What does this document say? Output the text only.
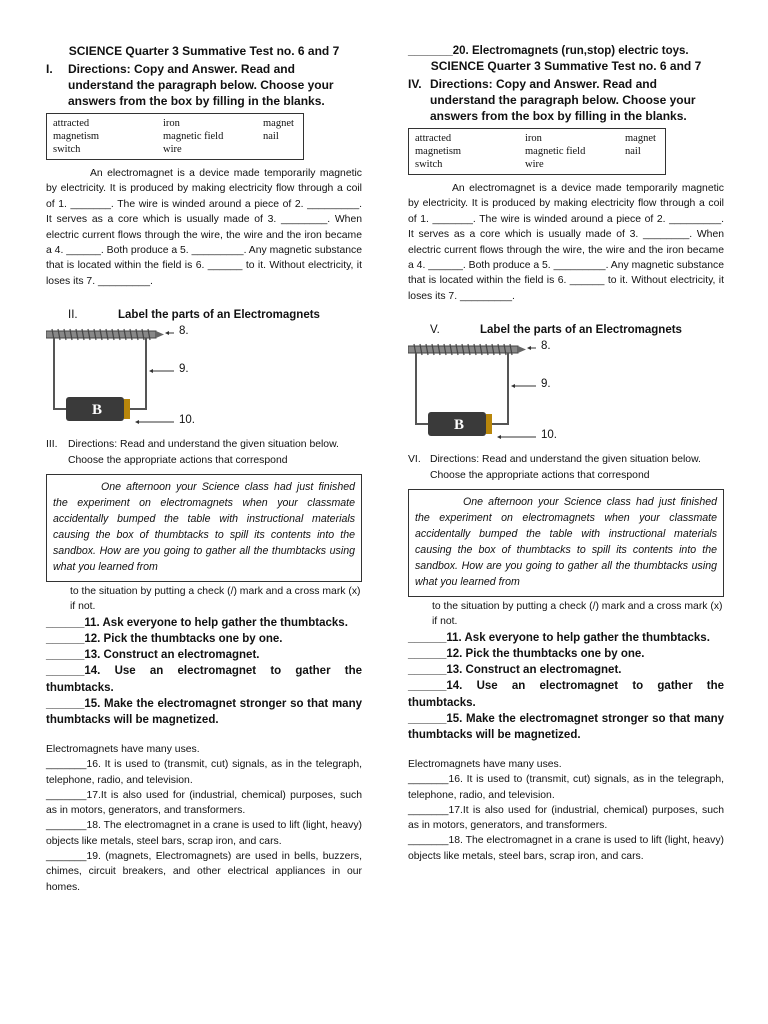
SCIENCE Quarter 3 Summative Test no. 6 and 7
I.	Directions: Copy and Answer. Read and understand the paragraph below. Choose your answers from the box by filling in the blanks.
attracted	iron	magnet
magnetism	magnetic field	nail
switch	wire

An electromagnet is a device made temporarily magnetic by electricity. It is produced by making electricity flow through a coil of 1. _______. The wire is winded around a piece of 2. _________. It serves as a core which is usually made of 3. ________. When electric current flows through the wire, the wire and the iron became a 4. ______. Both produce a 5. _________. Any magnetic substance that is located within the field is 6. ______ to it. Without electricity, it loses its 7. _________.

II.	Label the parts of an Electromagnets
B
8.
9.
10.
III.	Directions: Read and understand the given situation below. Choose the appropriate actions that correspond
One afternoon your Science class had just finished the experiment on electromagnets when your classmate accidentally bumped the table with instructional materials causing the box of thumbtacks to spill its contents into the sandbox. How are you going to gather all the thumbtacks using what you learned from
to the situation by putting a check (/) mark and a cross mark (x) if not.
______11. Ask everyone to help gather the thumbtacks.
______12. Pick the thumbtacks one by one.
______13. Construct an electromagnet.
______14. Use an electromagnet to gather the thumbtacks.
______15. Make the electromagnet stronger so that many thumbtacks will be magnetized.
Electromagnets have many uses.
_______16. It is used to (transmit, cut) signals, as in the telegraph, telephone, radio, and television.
_______17.It is also used for (industrial, chemical) purposes, such as in motors, generators, and transformers.
_______18. The electromagnet in a crane is used to lift (light, heavy) objects like metals, steel bars, scrap iron, and cars.
_______19. (magnets, Electromagnets) are used in bells, buzzers, chimes, circuit breakers, and other electrical appliances in our homes.
_______20. Electromagnets (run,stop) electric toys.
SCIENCE Quarter 3 Summative Test no. 6 and 7
IV. Directions: Copy and Answer. Read and understand the paragraph below. Choose your answers from the box by filling in the blanks.
attracted	iron	magnet
magnetism	magnetic field	nail
switch	wire

An electromagnet is a device made temporarily magnetic by electricity. It is produced by making electricity flow through a coil of 1. _______. The wire is winded around a piece of 2. _________. It serves as a core which is usually made of 3. ________. When electric current flows through the wire, the wire and the iron became a 4. ______. Both produce a 5. _________. Any magnetic substance that is located within the field is 6. ______ to it. Without electricity, it loses its 7. _________.

V.	Label the parts of an Electromagnets
B
8.
9.
10.
VI. Directions: Read and understand the given situation below. Choose the appropriate actions that correspond
One afternoon your Science class had just finished the experiment on electromagnets when your classmate accidentally bumped the table with instructional materials causing the box of thumbtacks to spill its contents into the sandbox. How are you going to gather all the thumbtacks using what you learned from
to the situation by putting a check (/) mark and a cross mark (x) if not.
______11. Ask everyone to help gather the thumbtacks.
______12. Pick the thumbtacks one by one.
______13. Construct an electromagnet.
______14. Use an electromagnet to gather the thumbtacks.
______15. Make the electromagnet stronger so that many thumbtacks will be magnetized.
Electromagnets have many uses.
_______16. It is used to (transmit, cut) signals, as in the telegraph, telephone, radio, and television.
_______17.It is also used for (industrial, chemical) purposes, such as in motors, generators, and transformers.
_______18. The electromagnet in a crane is used to lift (light, heavy) objects like metals, steel bars, scrap iron, and cars.
